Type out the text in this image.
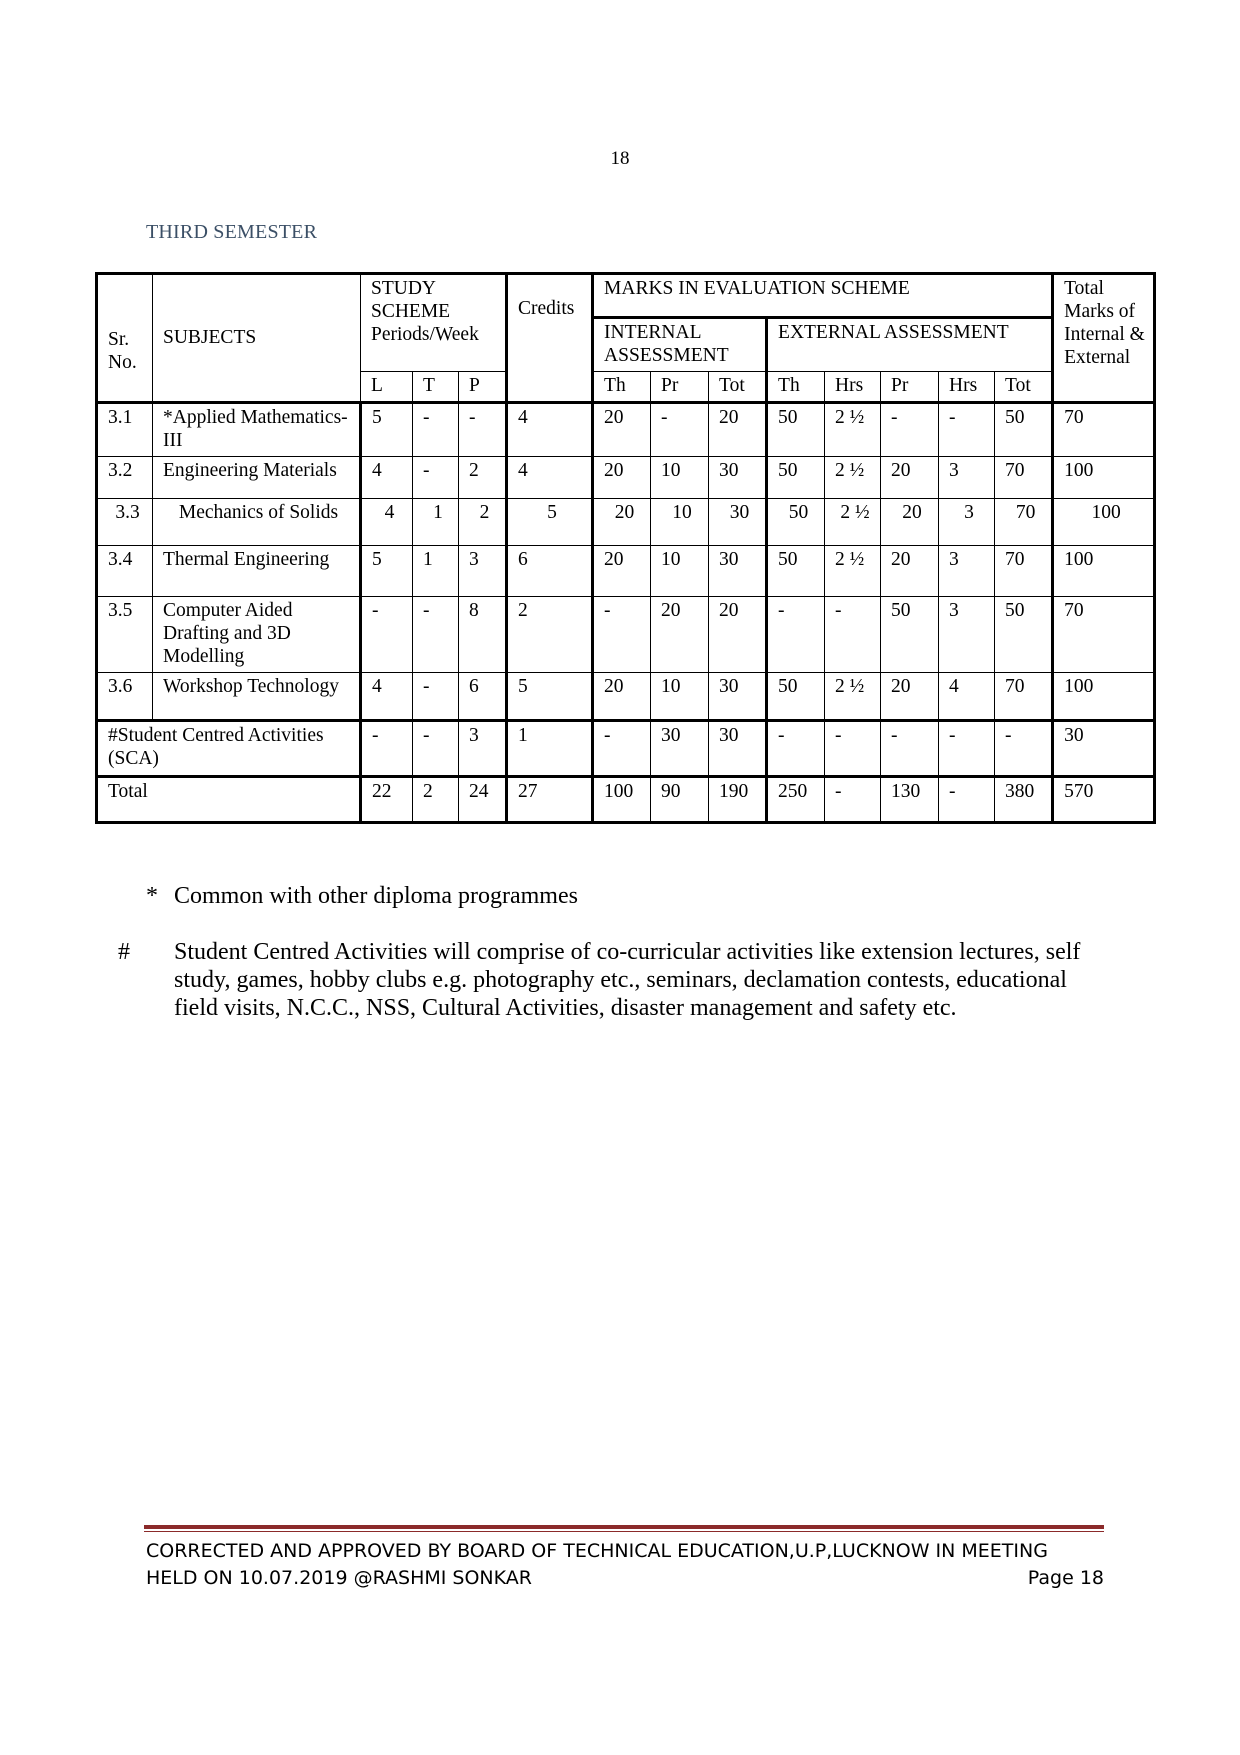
18
THIRD SEMESTER
Sr. No.	SUBJECTS	STUDY SCHEME Periods/Week			Credits	MARKS IN EVALUATION SCHEME								Total Marks of Internal & External
						INTERNAL ASSESSMENT			EXTERNAL ASSESSMENT					
		L	T	P		Th	Pr	Tot	Th	Hrs	Pr	Hrs	Tot	
3.1	*Applied Mathematics-III	5	-	-	4	20	-	20	50	2 ½	-	-	50	70
3.2	Engineering Materials	4	-	2	4	20	10	30	50	2 ½	20	3	70	100
3.3	Mechanics of Solids	4	1	2	5	20	10	30	50	2 ½	20	3	70	100
3.4	Thermal Engineering	5	1	3	6	20	10	30	50	2 ½	20	3	70	100
3.5	Computer Aided Drafting and 3D Modelling	-	-	8	2	-	20	20	-	-	50	3	50	70
3.6	Workshop Technology	4	-	6	5	20	10	30	50	2 ½	20	4	70	100
#Student Centred Activities (SCA)		-	-	3	1	-	30	30	-	-	-	-	-	30
Total		22	2	24	27	100	90	190	250	-	130	-	380	570
* Common with other diploma programmes
# Student Centred Activities will comprise of co-curricular activities like extension lectures, self study, games, hobby clubs e.g. photography etc., seminars, declamation contests, educational field visits, N.C.C., NSS, Cultural Activities, disaster management and safety etc.
CORRECTED AND APPROVED BY BOARD OF TECHNICAL EDUCATION,U.P,LUCKNOW IN MEETING
HELD ON 10.07.2019 @RASHMI SONKAR	Page 18
